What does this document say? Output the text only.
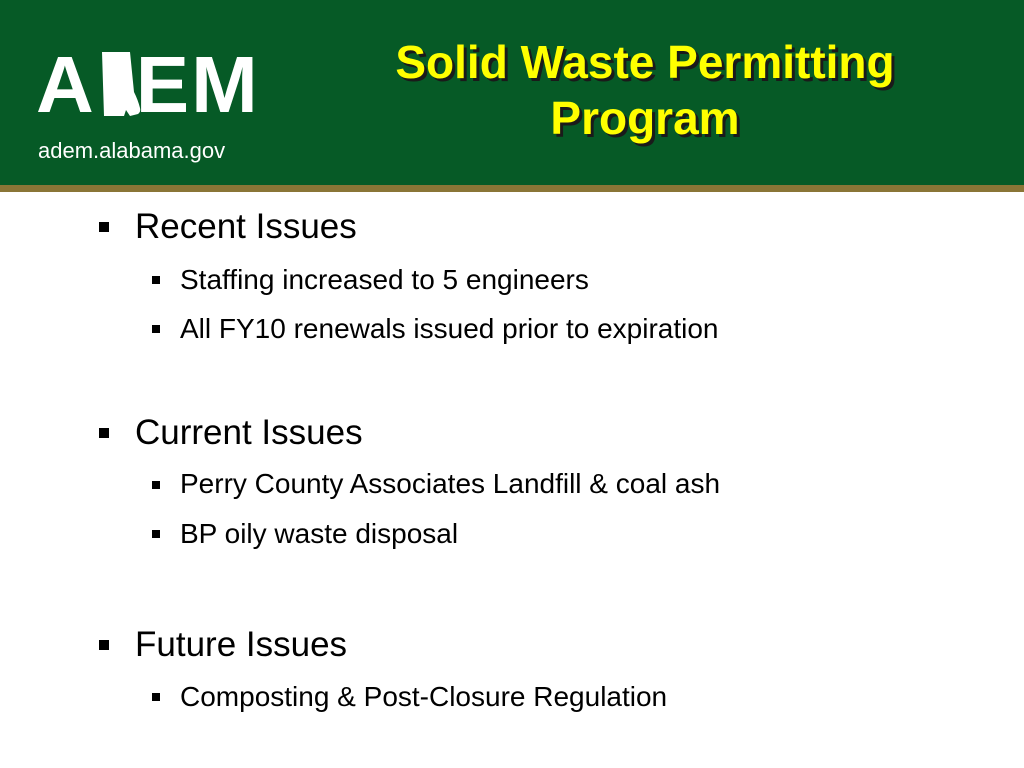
A EM
adem.alabama.gov
Solid Waste Permitting
Program
Recent Issues
Staffing increased to 5 engineers
All FY10 renewals issued prior to expiration
Current Issues
Perry County Associates Landfill & coal ash
BP oily waste disposal
Future Issues
Composting & Post-Closure Regulation
